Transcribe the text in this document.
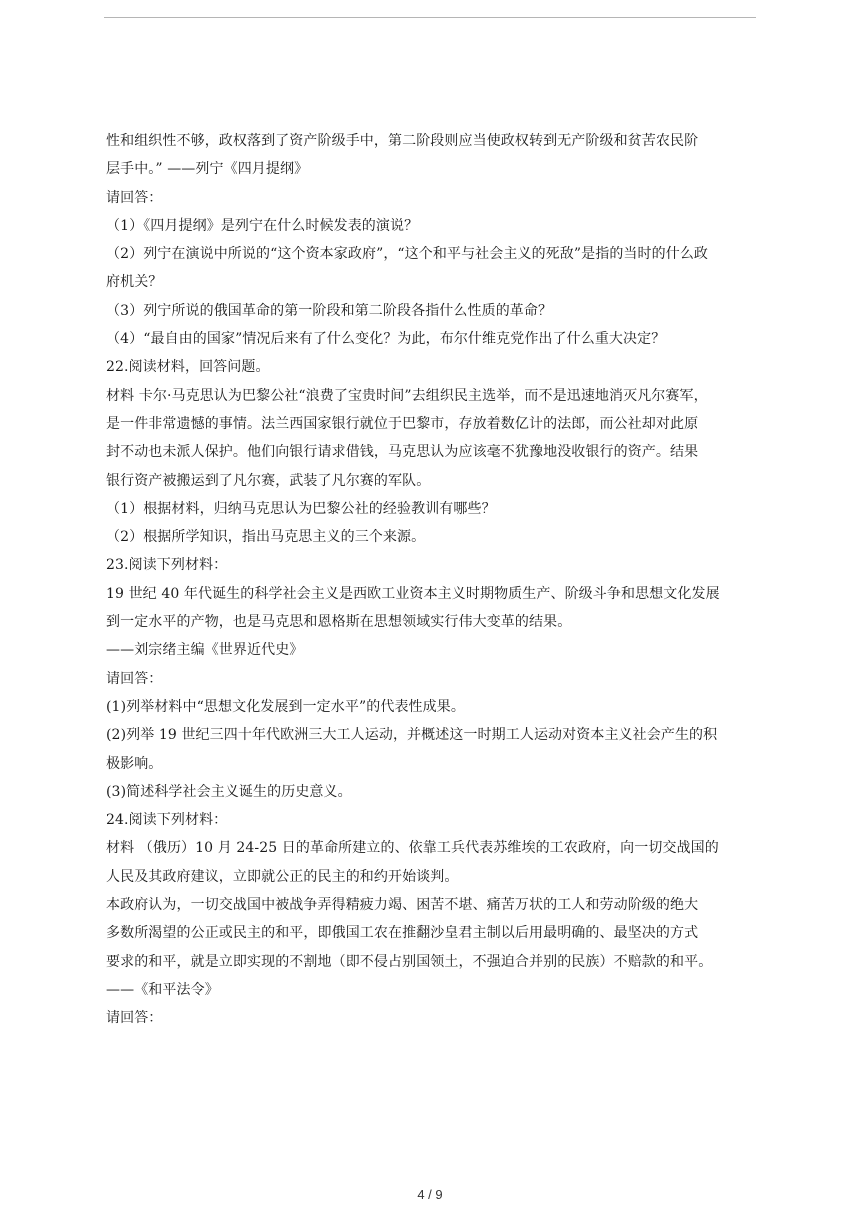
性和组织性不够，政权落到了资产阶级手中，第二阶段则应当使政权转到无产阶级和贫苦农民阶
层手中。” ——列宁《四月提纲》
请回答：
（1）《四月提纲》是列宁在什么时候发表的演说？
（2）列宁在演说中所说的“这个资本家政府”，“这个和平与社会主义的死敌”是指的当时的什么政
府机关？
（3）列宁所说的俄国革命的第一阶段和第二阶段各指什么性质的革命？
（4）“最自由的国家”情况后来有了什么变化？为此，布尔什维克党作出了什么重大决定？
22.阅读材料，回答问题。
材料 卡尔·马克思认为巴黎公社“浪费了宝贵时间”去组织民主选举，而不是迅速地消灭凡尔赛军，
是一件非常遗憾的事情。法兰西国家银行就位于巴黎市，存放着数亿计的法郎，而公社却对此原
封不动也未派人保护。他们向银行请求借钱，马克思认为应该毫不犹豫地没收银行的资产。结果
银行资产被搬运到了凡尔赛，武装了凡尔赛的军队。
（1）根据材料，归纳马克思认为巴黎公社的经验教训有哪些？
（2）根据所学知识，指出马克思主义的三个来源。
23.阅读下列材料：
19 世纪 40 年代诞生的科学社会主义是西欧工业资本主义时期物质生产、阶级斗争和思想文化发展
到一定水平的产物，也是马克思和恩格斯在思想领域实行伟大变革的结果。
——刘宗绪主编《世界近代史》
请回答：
(1)列举材料中“思想文化发展到一定水平”的代表性成果。
(2)列举 19 世纪三四十年代欧洲三大工人运动，并概述这一时期工人运动对资本主义社会产生的积
极影响。
(3)简述科学社会主义诞生的历史意义。
24.阅读下列材料：
材料 （俄历）10 月 24-25 日的革命所建立的、依靠工兵代表苏维埃的工农政府，向一切交战国的
人民及其政府建议，立即就公正的民主的和约开始谈判。
本政府认为，一切交战国中被战争弄得精疲力竭、困苦不堪、痛苦万状的工人和劳动阶级的绝大
多数所渴望的公正或民主的和平，即俄国工农在推翻沙皇君主制以后用最明确的、最坚决的方式
要求的和平，就是立即实现的不割地（即不侵占别国领土，不强迫合并别的民族）不赔款的和平。
——《和平法令》
请回答：
4 / 9
